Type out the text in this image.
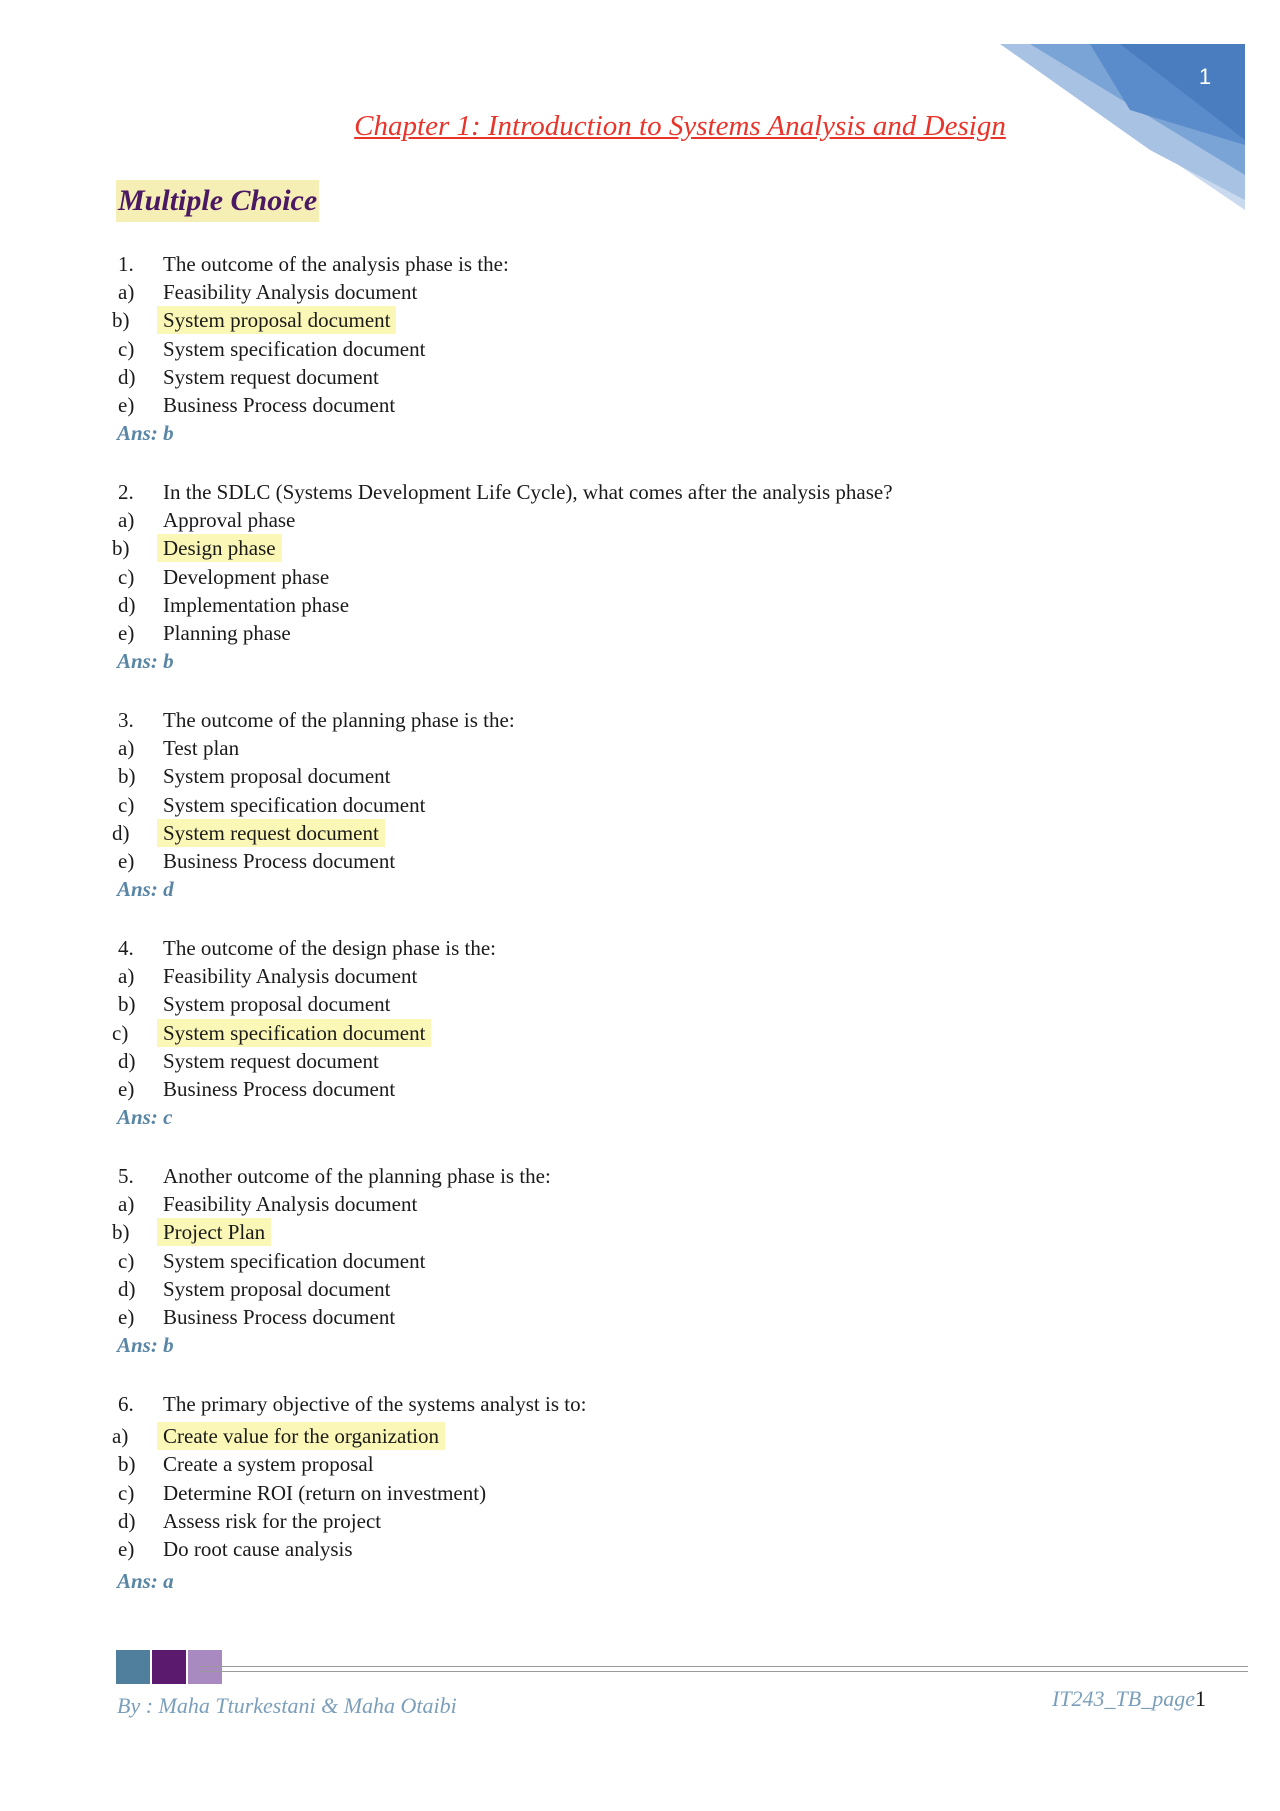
1
Chapter 1: Introduction to Systems Analysis and Design
Multiple Choice
1. The outcome of the analysis phase is the:
a) Feasibility Analysis document
b) System proposal document
c) System specification document
d) System request document
e) Business Process document
Ans: b
2. In the SDLC (Systems Development Life Cycle), what comes after the analysis phase?
a) Approval phase
b) Design phase
c) Development phase
d) Implementation phase
e) Planning phase
Ans: b
3. The outcome of the planning phase is the:
a) Test plan
b) System proposal document
c) System specification document
d) System request document
e) Business Process document
Ans: d
4. The outcome of the design phase is the:
a) Feasibility Analysis document
b) System proposal document
c) System specification document
d) System request document
e) Business Process document
Ans: c
5. Another outcome of the planning phase is the:
a) Feasibility Analysis document
b) Project Plan
c) System specification document
d) System proposal document
e) Business Process document
Ans: b
6. The primary objective of the systems analyst is to:
a) Create value for the organization
b) Create a system proposal
c) Determine ROI (return on investment)
d) Assess risk for the project
e) Do root cause analysis
Ans: a
By : Maha Tturkestani & Maha Otaibi	IT243_TB_page1
